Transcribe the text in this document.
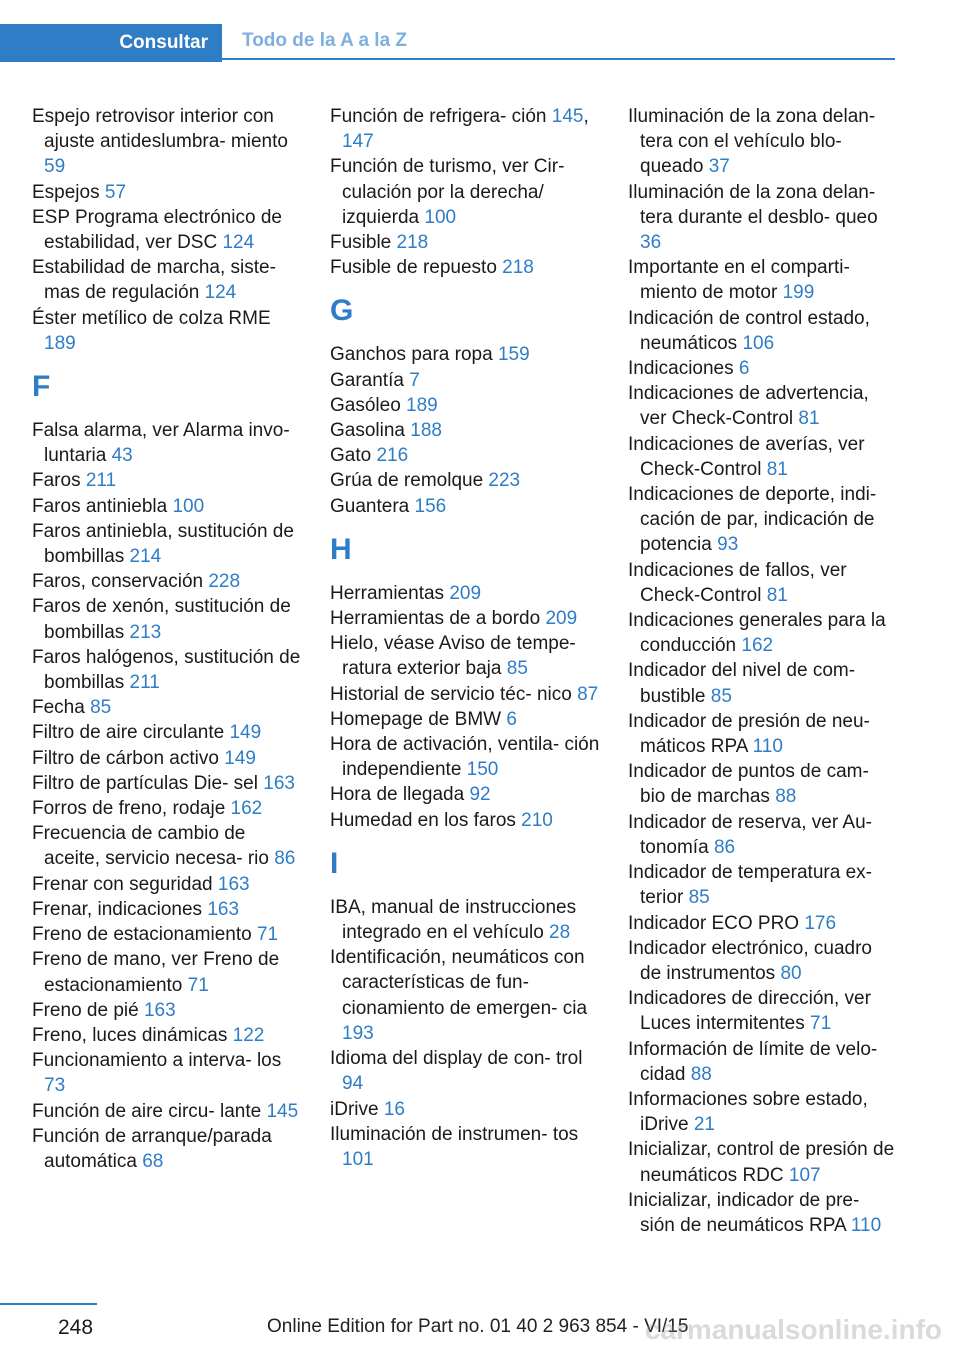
Consultar	Todo de la A a la Z
Espejo retrovisor interior con ajuste antideslumbra‐ miento 59
Espejos 57
ESP Programa electrónico de estabilidad, ver DSC 124
Estabilidad de marcha, siste‐ mas de regulación 124
Éster metílico de colza RME 189
F
Falsa alarma, ver Alarma invo‐ luntaria 43
Faros 211
Faros antiniebla 100
Faros antiniebla, sustitución de bombillas 214
Faros, conservación 228
Faros de xenón, sustitución de bombillas 213
Faros halógenos, sustitución de bombillas 211
Fecha 85
Filtro de aire circulante 149
Filtro de cárbon activo 149
Filtro de partículas Die‐ sel 163
Forros de freno, rodaje 162
Frecuencia de cambio de aceite, servicio necesa‐ rio 86
Frenar con seguridad 163
Frenar, indicaciones 163
Freno de estacionamiento 71
Freno de mano, ver Freno de estacionamiento 71
Freno de pié 163
Freno, luces dinámicas 122
Funcionamiento a interva‐ los 73
Función de aire circu‐ lante 145
Función de arranque/parada automática 68
Función de refrigera‐ ción 145, 147
Función de turismo, ver Cir‐ culación por la derecha/ izquierda 100
Fusible 218
Fusible de repuesto 218
G
Ganchos para ropa 159
Garantía 7
Gasóleo 189
Gasolina 188
Gato 216
Grúa de remolque 223
Guantera 156
H
Herramientas 209
Herramientas de a bordo 209
Hielo, véase Aviso de tempe‐ ratura exterior baja 85
Historial de servicio téc‐ nico 87
Homepage de BMW 6
Hora de activación, ventila‐ ción independiente 150
Hora de llegada 92
Humedad en los faros 210
I
IBA, manual de instrucciones integrado en el vehículo 28
Identificación, neumáticos con características de fun‐ cionamiento de emergen‐ cia 193
Idioma del display de con‐ trol 94
iDrive 16
Iluminación de instrumen‐ tos 101
Iluminación de la zona delan‐ tera con el vehículo blo‐ queado 37
Iluminación de la zona delan‐ tera durante el desblo‐ queo 36
Importante en el comparti‐ miento de motor 199
Indicación de control estado, neumáticos 106
Indicaciones 6
Indicaciones de advertencia, ver Check-Control 81
Indicaciones de averías, ver Check-Control 81
Indicaciones de deporte, indi‐ cación de par, indicación de potencia 93
Indicaciones de fallos, ver Check-Control 81
Indicaciones generales para la conducción 162
Indicador del nivel de com‐ bustible 85
Indicador de presión de neu‐ máticos RPA 110
Indicador de puntos de cam‐ bio de marchas 88
Indicador de reserva, ver Au‐ tonomía 86
Indicador de temperatura ex‐ terior 85
Indicador ECO PRO 176
Indicador electrónico, cuadro de instrumentos 80
Indicadores de dirección, ver Luces intermitentes 71
Información de límite de velo‐ cidad 88
Informaciones sobre estado, iDrive 21
Inicializar, control de presión de neumáticos RDC 107
Inicializar, indicador de pre‐ sión de neumáticos RPA 110
248	Online Edition for Part no. 01 40 2 963 854 - VI/15
carmanualsonline.info
